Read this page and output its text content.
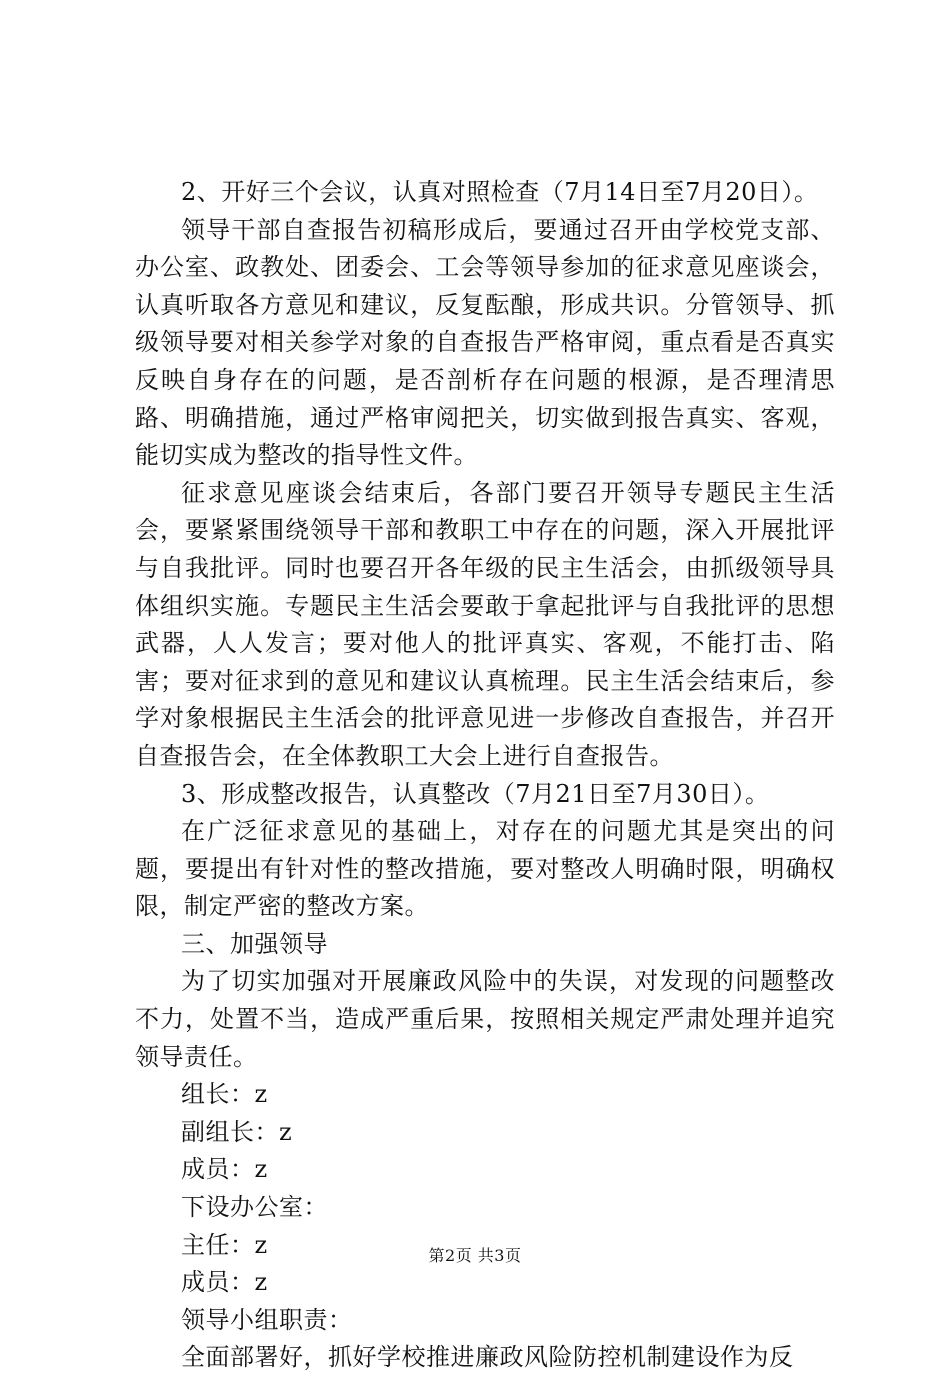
2、开好三个会议，认真对照检查（7月14日至7月20日）。

领导干部自查报告初稿形成后，要通过召开由学校党支部、办公室、政教处、团委会、工会等领导参加的征求意见座谈会，认真听取各方意见和建议，反复酝酿，形成共识。分管领导、抓级领导要对相关参学对象的自查报告严格审阅，重点看是否真实反映自身存在的问题，是否剖析存在问题的根源，是否理清思路、明确措施，通过严格审阅把关，切实做到报告真实、客观，能切实成为整改的指导性文件。

征求意见座谈会结束后，各部门要召开领导专题民主生活会，要紧紧围绕领导干部和教职工中存在的问题，深入开展批评与自我批评。同时也要召开各年级的民主生活会，由抓级领导具体组织实施。专题民主生活会要敢于拿起批评与自我批评的思想武器，人人发言；要对他人的批评真实、客观，不能打击、陷害；要对征求到的意见和建议认真梳理。民主生活会结束后，参学对象根据民主生活会的批评意见进一步修改自查报告，并召开自查报告会，在全体教职工大会上进行自查报告。

3、形成整改报告，认真整改（7月21日至7月30日）。

在广泛征求意见的基础上，对存在的问题尤其是突出的问题，要提出有针对性的整改措施，要对整改人明确时限，明确权限，制定严密的整改方案。

三、加强领导

为了切实加强对开展廉政风险中的失误，对发现的问题整改不力，处置不当，造成严重后果，按照相关规定严肃处理并追究领导责任。

组长：z

副组长：z

成员：z

下设办公室：

主任：z

成员：z

领导小组职责：

全面部署好，抓好学校推进廉政风险防控机制建设作为反

第2页 共3页
